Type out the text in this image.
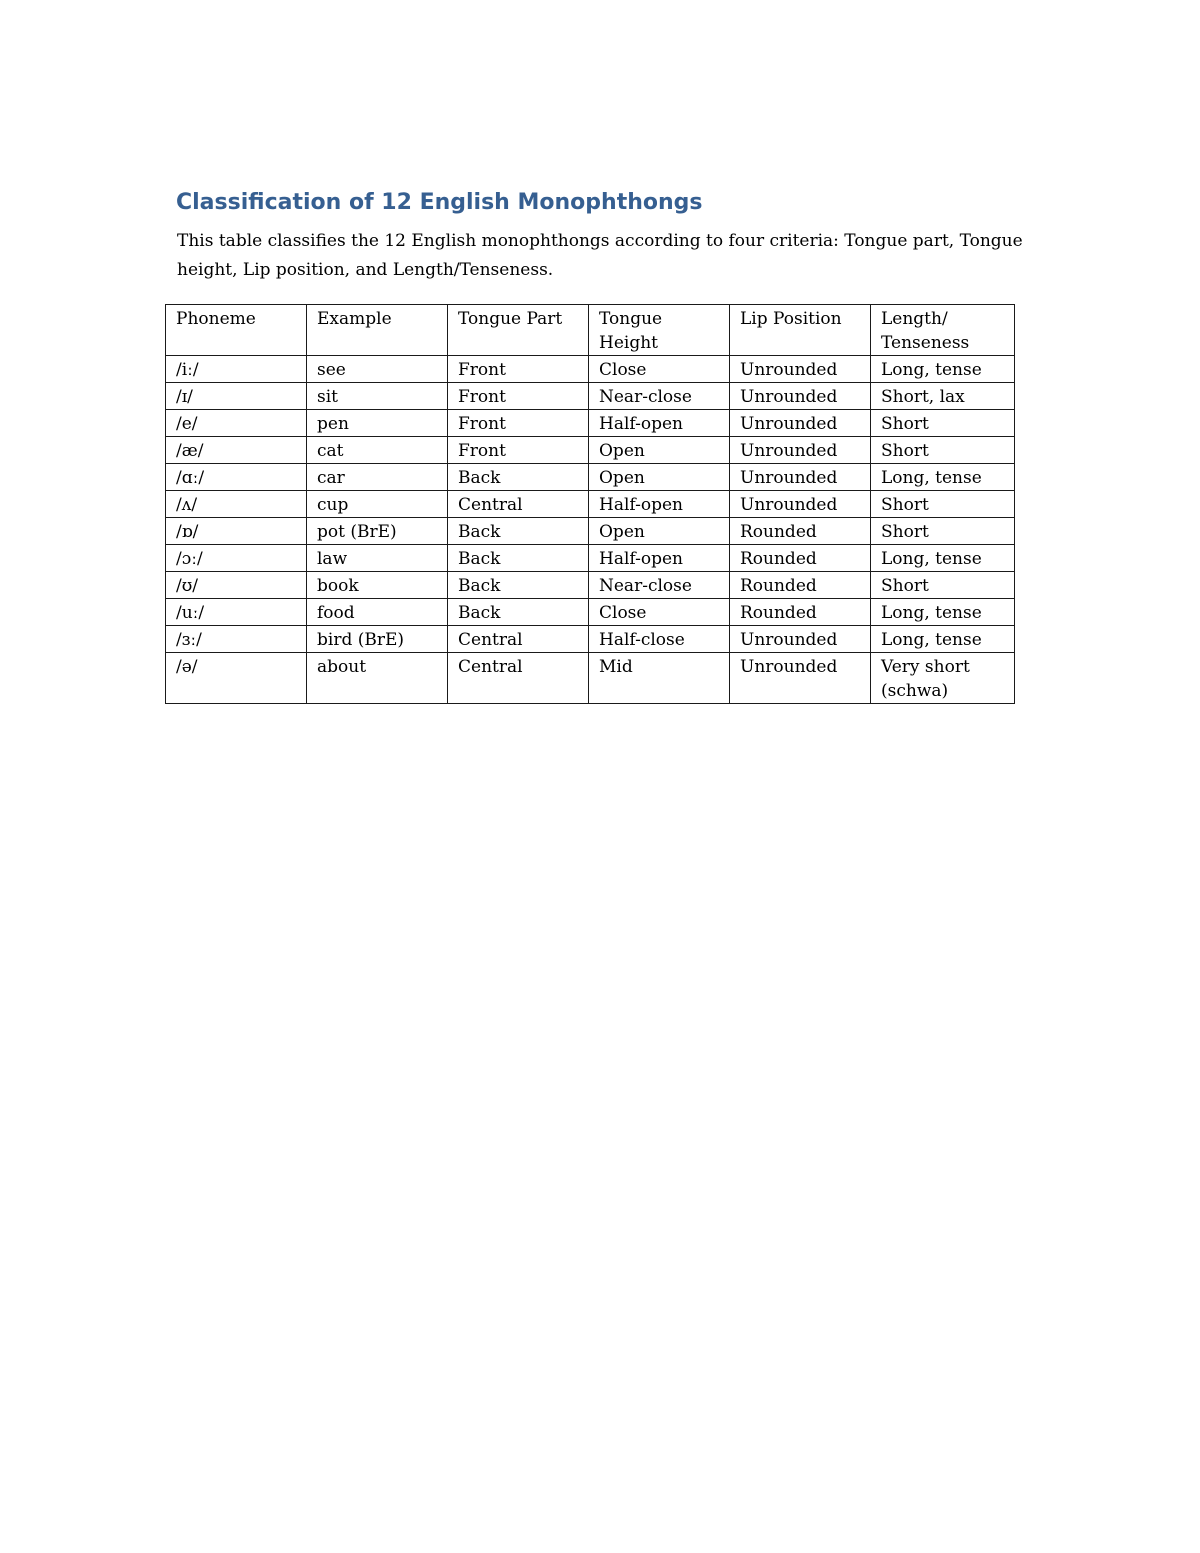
Classification of 12 English Monophthongs

This table classifies the 12 English monophthongs according to four criteria: Tongue part, Tongue height, Lip position, and Length/Tenseness.

Phoneme	Example	Tongue Part	Tongue Height	Lip Position	Length/ Tenseness
/iː/	see	Front	Close	Unrounded	Long, tense
/ɪ/	sit	Front	Near-close	Unrounded	Short, lax
/e/	pen	Front	Half-open	Unrounded	Short
/æ/	cat	Front	Open	Unrounded	Short
/ɑː/	car	Back	Open	Unrounded	Long, tense
/ʌ/	cup	Central	Half-open	Unrounded	Short
/ɒ/	pot (BrE)	Back	Open	Rounded	Short
/ɔː/	law	Back	Half-open	Rounded	Long, tense
/ʊ/	book	Back	Near-close	Rounded	Short
/uː/	food	Back	Close	Rounded	Long, tense
/ɜː/	bird (BrE)	Central	Half-close	Unrounded	Long, tense
/ə/	about	Central	Mid	Unrounded	Very short (schwa)
